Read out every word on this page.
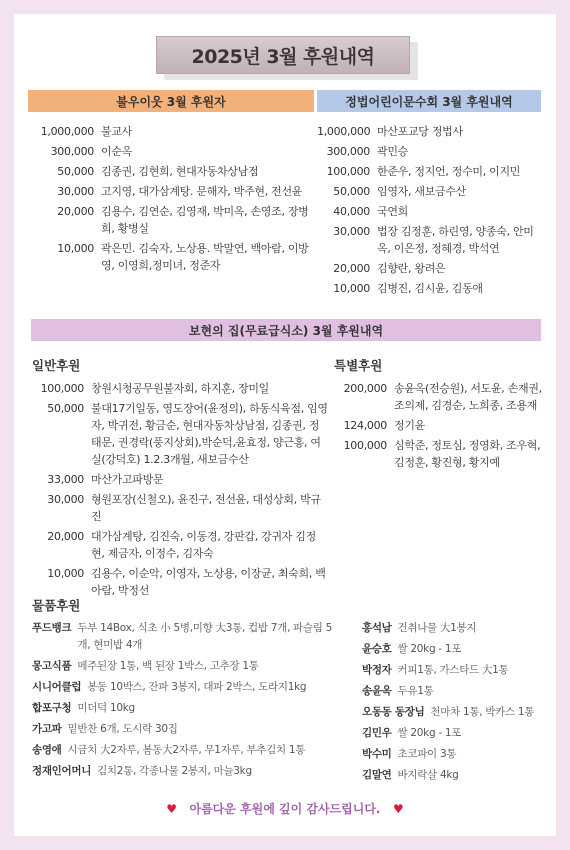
2025년 3월 후원내역
불우이웃 3월 후원자	정법어린이문수회 3월 후원내역
1,000,000 불교사
300,000 이순옥
50,000 김종권, 김현희, 현대자동차상남점
30,000 고지영, 대가삼계탕. 문해자, 박주현, 전선윤
20,000 김용수, 김연순, 김영재, 박미옥, 손영조, 장병희, 황병실
10,000 곽은민. 김숙자, 노상용. 박말연, 백아람, 이방영, 이영희,정미녀, 정준자
1,000,000 마산포교당 정법사
300,000 곽민승
100,000 한준우, 정지언, 정수미, 이지민
50,000 임영자, 새보금수산
40,000 국연희
30,000 법장 김정훈, 하린영, 양종숙, 안미옥, 이은정, 정혜경, 박석연
20,000 김향란, 왕려은
10,000 김병진, 김시윤, 김동애
보현의 집(무료급식소) 3월 후원내역
일반후원	특별후원
100,000 창원시청공무원불자회, 하지훈, 장미일
50,000 불대17기일동, 영도장어(윤정의), 하동식육점, 임영자, 박귀전, 황금순, 현대자동차상남점, 김종권, 정태문, 권경락(풍지상회),박순덕,윤효정, 양근홍, 여실(강덕호) 1.2.3개월, 새보금수산
33,000 마산가고파방문
30,000 형원포장(신철오), 윤진구, 전선윤, 대성상회, 박규진
20,000 대가삼계탕, 김진숙, 이동경, 강판갑, 강귀자 김정현, 제금자, 이정수, 김자숙
10,000 김용수, 이순악, 이영자, 노상용, 이장균, 최숙희, 백아람, 박정선
200,000 송윤옥(전승원), 서도윤, 손재권, 조의제, 김경순, 노희종, 조용재
124,000 정기윤
100,000 심학준, 정토심, 정영화, 조우혁, 김정훈, 황진형, 황지예
물품후원
푸드뱅크 두부 14Box, 식초 小 5병,미향 大3통, 컵밥 7개, 파슬림 5개, 현미밥 4개
몽고식품 메주된장 1통, 백 된장 1박스, 고추장 1통
시니어클럽 봉동 10박스, 잔파 3봉지, 대파 2박스, 도라지1kg
합포구청 미더덕 10kg
가고파 밑반찬 6개, 도시락 30집
송영애 시금치 大2자루, 봄동大2자루, 무1자루, 부추김치 1통
정재인어머니 김치2통, 각종나물 2봉지, 마늘3kg
홍석남 건취나물 大1봉지
윤승호 쌀 20kg - 1포
박정자 커피1통, 가스타드 大1통
송윤옥 두유1통
오동동 동장님 천마차 1통, 박카스 1통
김민우 쌀 20kg - 1포
박수미 초코파이 3통
김말연 바지락살 4kg
♥ 아름다운 후원에 깊이 감사드립니다. ♥
